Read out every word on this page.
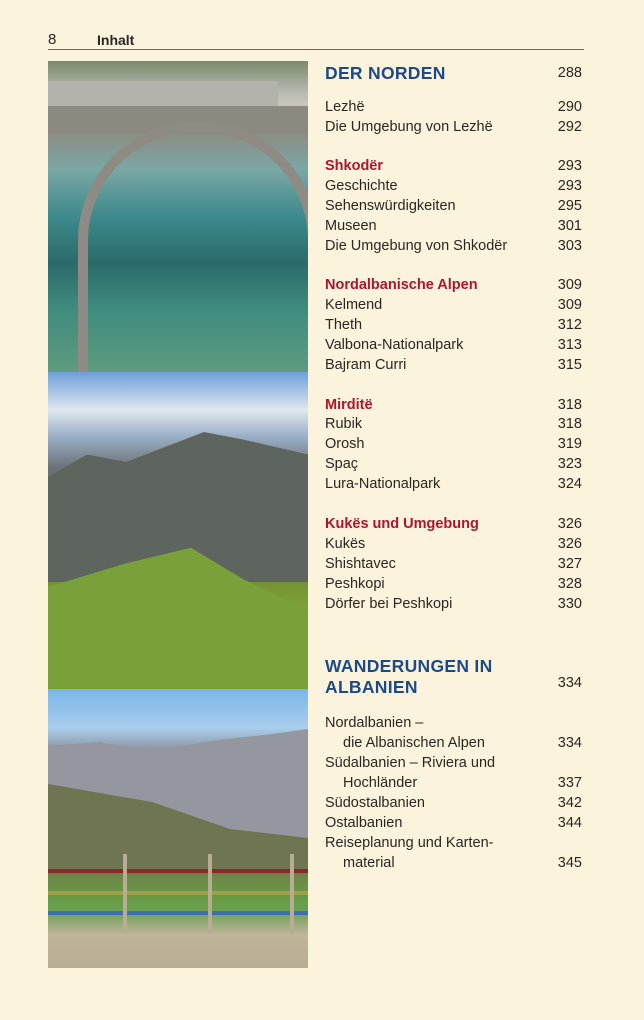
8	Inhalt
DER NORDEN	288
Lezhë	290
Die Umgebung von Lezhë	292
Shkodër	293
Geschichte	293
Sehenswürdigkeiten	295
Museen	301
Die Umgebung von Shkodër	303
Nordalbanische Alpen	309
Kelmend	309
Theth	312
Valbona-Nationalpark	313
Bajram Curri	315
Mirditë	318
Rubik	318
Orosh	319
Spaç	323
Lura-Nationalpark	324
Kukës und Umgebung	326
Kukës	326
Shishtavec	327
Peshkopi	328
Dörfer bei Peshkopi	330
WANDERUNGEN IN
ALBANIEN	334
Nordalbanien –
die Albanischen Alpen	334
Südalbanien – Riviera und
Hochländer	337
Südostalbanien	342
Ostalbanien	344
Reiseplanung und Karten-
material	345
